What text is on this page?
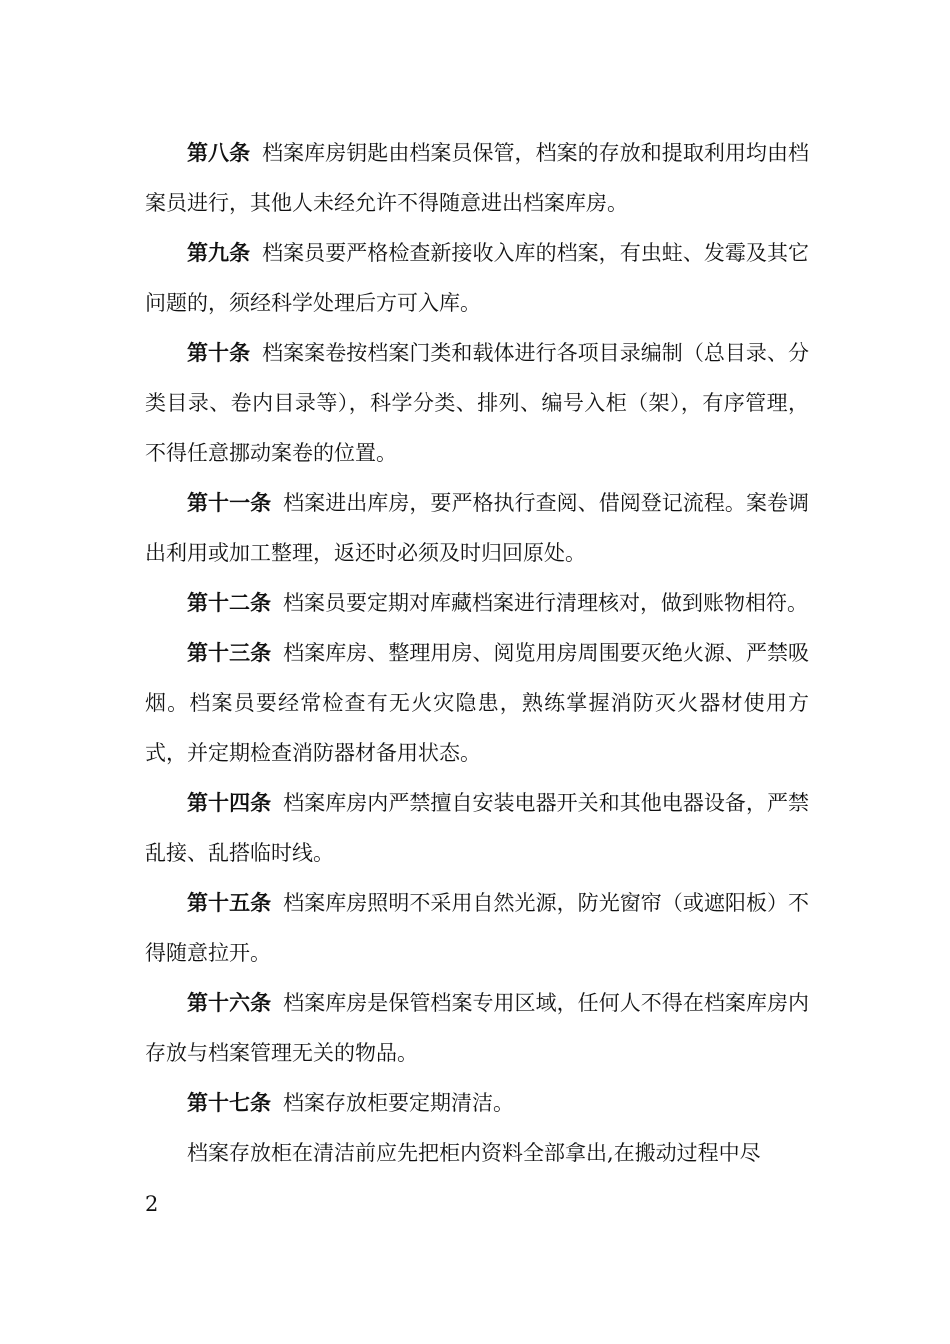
第八条 档案库房钥匙由档案员保管，档案的存放和提取利用均由档案员进行，其他人未经允许不得随意进出档案库房。

第九条 档案员要严格检查新接收入库的档案，有虫蛀、发霉及其它问题的，须经科学处理后方可入库。

第十条 档案案卷按档案门类和载体进行各项目录编制（总目录、分类目录、卷内目录等），科学分类、排列、编号入柜（架），有序管理，不得任意挪动案卷的位置。

第十一条 档案进出库房，要严格执行查阅、借阅登记流程。案卷调出利用或加工整理，返还时必须及时归回原处。

第十二条 档案员要定期对库藏档案进行清理核对，做到账物相符。

第十三条 档案库房、整理用房、阅览用房周围要灭绝火源、严禁吸烟。档案员要经常检查有无火灾隐患，熟练掌握消防灭火器材使用方式，并定期检查消防器材备用状态。

第十四条 档案库房内严禁擅自安装电器开关和其他电器设备，严禁乱接、乱搭临时线。

第十五条 档案库房照明不采用自然光源，防光窗帘（或遮阳板）不得随意拉开。

第十六条 档案库房是保管档案专用区域，任何人不得在档案库房内存放与档案管理无关的物品。

第十七条 档案存放柜要定期清洁。

档案存放柜在清洁前应先把柜内资料全部拿出,在搬动过程中尽

2
